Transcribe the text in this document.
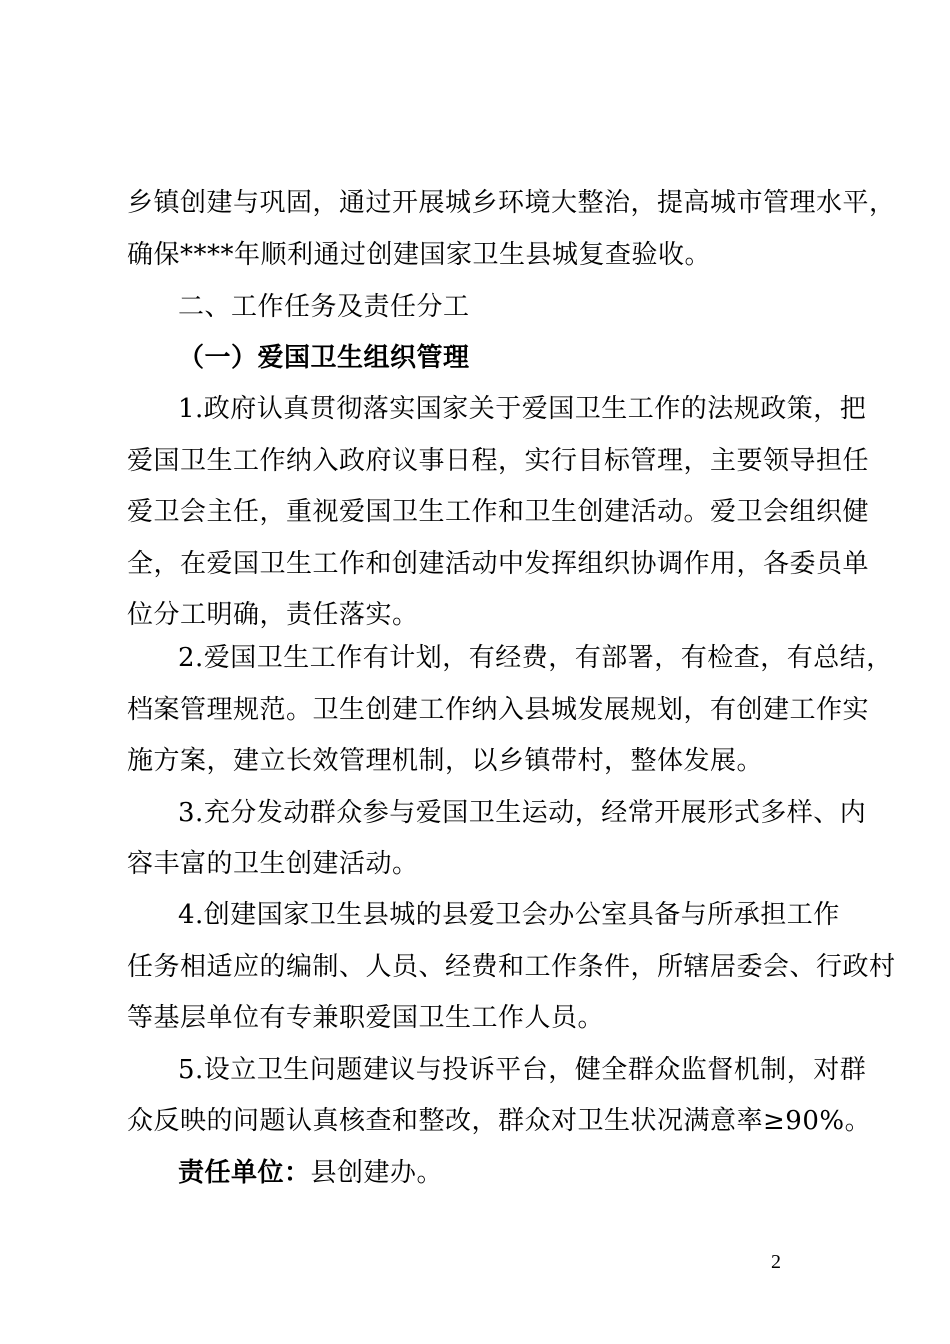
乡镇创建与巩固，通过开展城乡环境大整治，提高城市管理水平，
确保****年顺利通过创建国家卫生县城复查验收。
二、工作任务及责任分工
（一）爱国卫生组织管理
1.政府认真贯彻落实国家关于爱国卫生工作的法规政策，把
爱国卫生工作纳入政府议事日程，实行目标管理，主要领导担任
爱卫会主任，重视爱国卫生工作和卫生创建活动。爱卫会组织健
全，在爱国卫生工作和创建活动中发挥组织协调作用，各委员单
位分工明确，责任落实。
2.爱国卫生工作有计划，有经费，有部署，有检查，有总结，
档案管理规范。卫生创建工作纳入县城发展规划，有创建工作实
施方案，建立长效管理机制，以乡镇带村，整体发展。
3.充分发动群众参与爱国卫生运动，经常开展形式多样、内
容丰富的卫生创建活动。
4.创建国家卫生县城的县爱卫会办公室具备与所承担工作
任务相适应的编制、人员、经费和工作条件，所辖居委会、行政村
等基层单位有专兼职爱国卫生工作人员。
5.设立卫生问题建议与投诉平台，健全群众监督机制，对群
众反映的问题认真核查和整改，群众对卫生状况满意率≥90%。
责任单位：县创建办。
2
